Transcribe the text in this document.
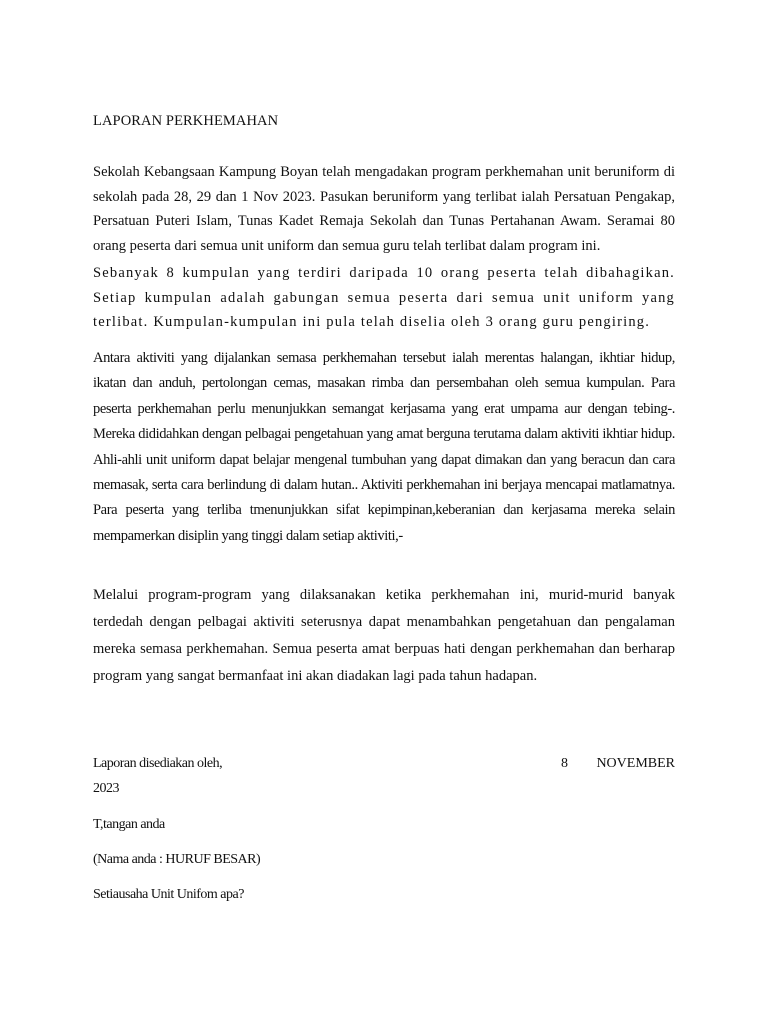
LAPORAN PERKHEMAHAN

Sekolah Kebangsaan Kampung Boyan telah mengadakan program perkhemahan unit beruniform di sekolah pada 28, 29 dan 1 Nov 2023. Pasukan beruniform yang terlibat ialah Persatuan Pengakap, Persatuan Puteri Islam, Tunas Kadet Remaja Sekolah dan Tunas Pertahanan Awam. Seramai 80 orang peserta dari semua unit uniform dan semua guru telah terlibat dalam program ini.

Sebanyak 8 kumpulan yang terdiri daripada 10 orang peserta telah dibahagikan. Setiap kumpulan adalah gabungan semua peserta dari semua unit uniform yang terlibat. Kumpulan-kumpulan ini pula telah diselia oleh 3 orang guru pengiring.

Antara aktiviti yang dijalankan semasa perkhemahan tersebut ialah merentas halangan, ikhtiar hidup, ikatan dan anduh, pertolongan cemas, masakan rimba dan persembahan oleh semua kumpulan. Para peserta perkhemahan perlu menunjukkan semangat kerjasama yang erat umpama aur dengan tebing-. Mereka dididahkan dengan pelbagai pengetahuan yang amat berguna terutama dalam aktiviti ikhtiar hidup. Ahli-ahli unit uniform dapat belajar mengenal tumbuhan yang dapat dimakan dan yang beracun dan cara memasak, serta cara berlindung di dalam hutan.. Aktiviti perkhemahan ini berjaya mencapai matlamatnya. Para peserta yang terliba tmenunjukkan sifat kepimpinan,keberanian dan kerjasama mereka selain mempamerkan disiplin yang tinggi dalam setiap aktiviti,-

Melalui program-program yang dilaksanakan ketika perkhemahan ini, murid-murid banyak terdedah dengan pelbagai aktiviti seterusnya dapat menambahkan pengetahuan dan pengalaman mereka semasa perkhemahan. Semua peserta amat berpuas hati dengan perkhemahan dan berharap program yang sangat bermanfaat ini akan diadakan lagi pada tahun hadapan.

Laporan disediakan oleh,	8 NOVEMBER
2023
T,tangan anda
(Nama anda : HURUF BESAR)
Setiausaha Unit Unifom apa?
